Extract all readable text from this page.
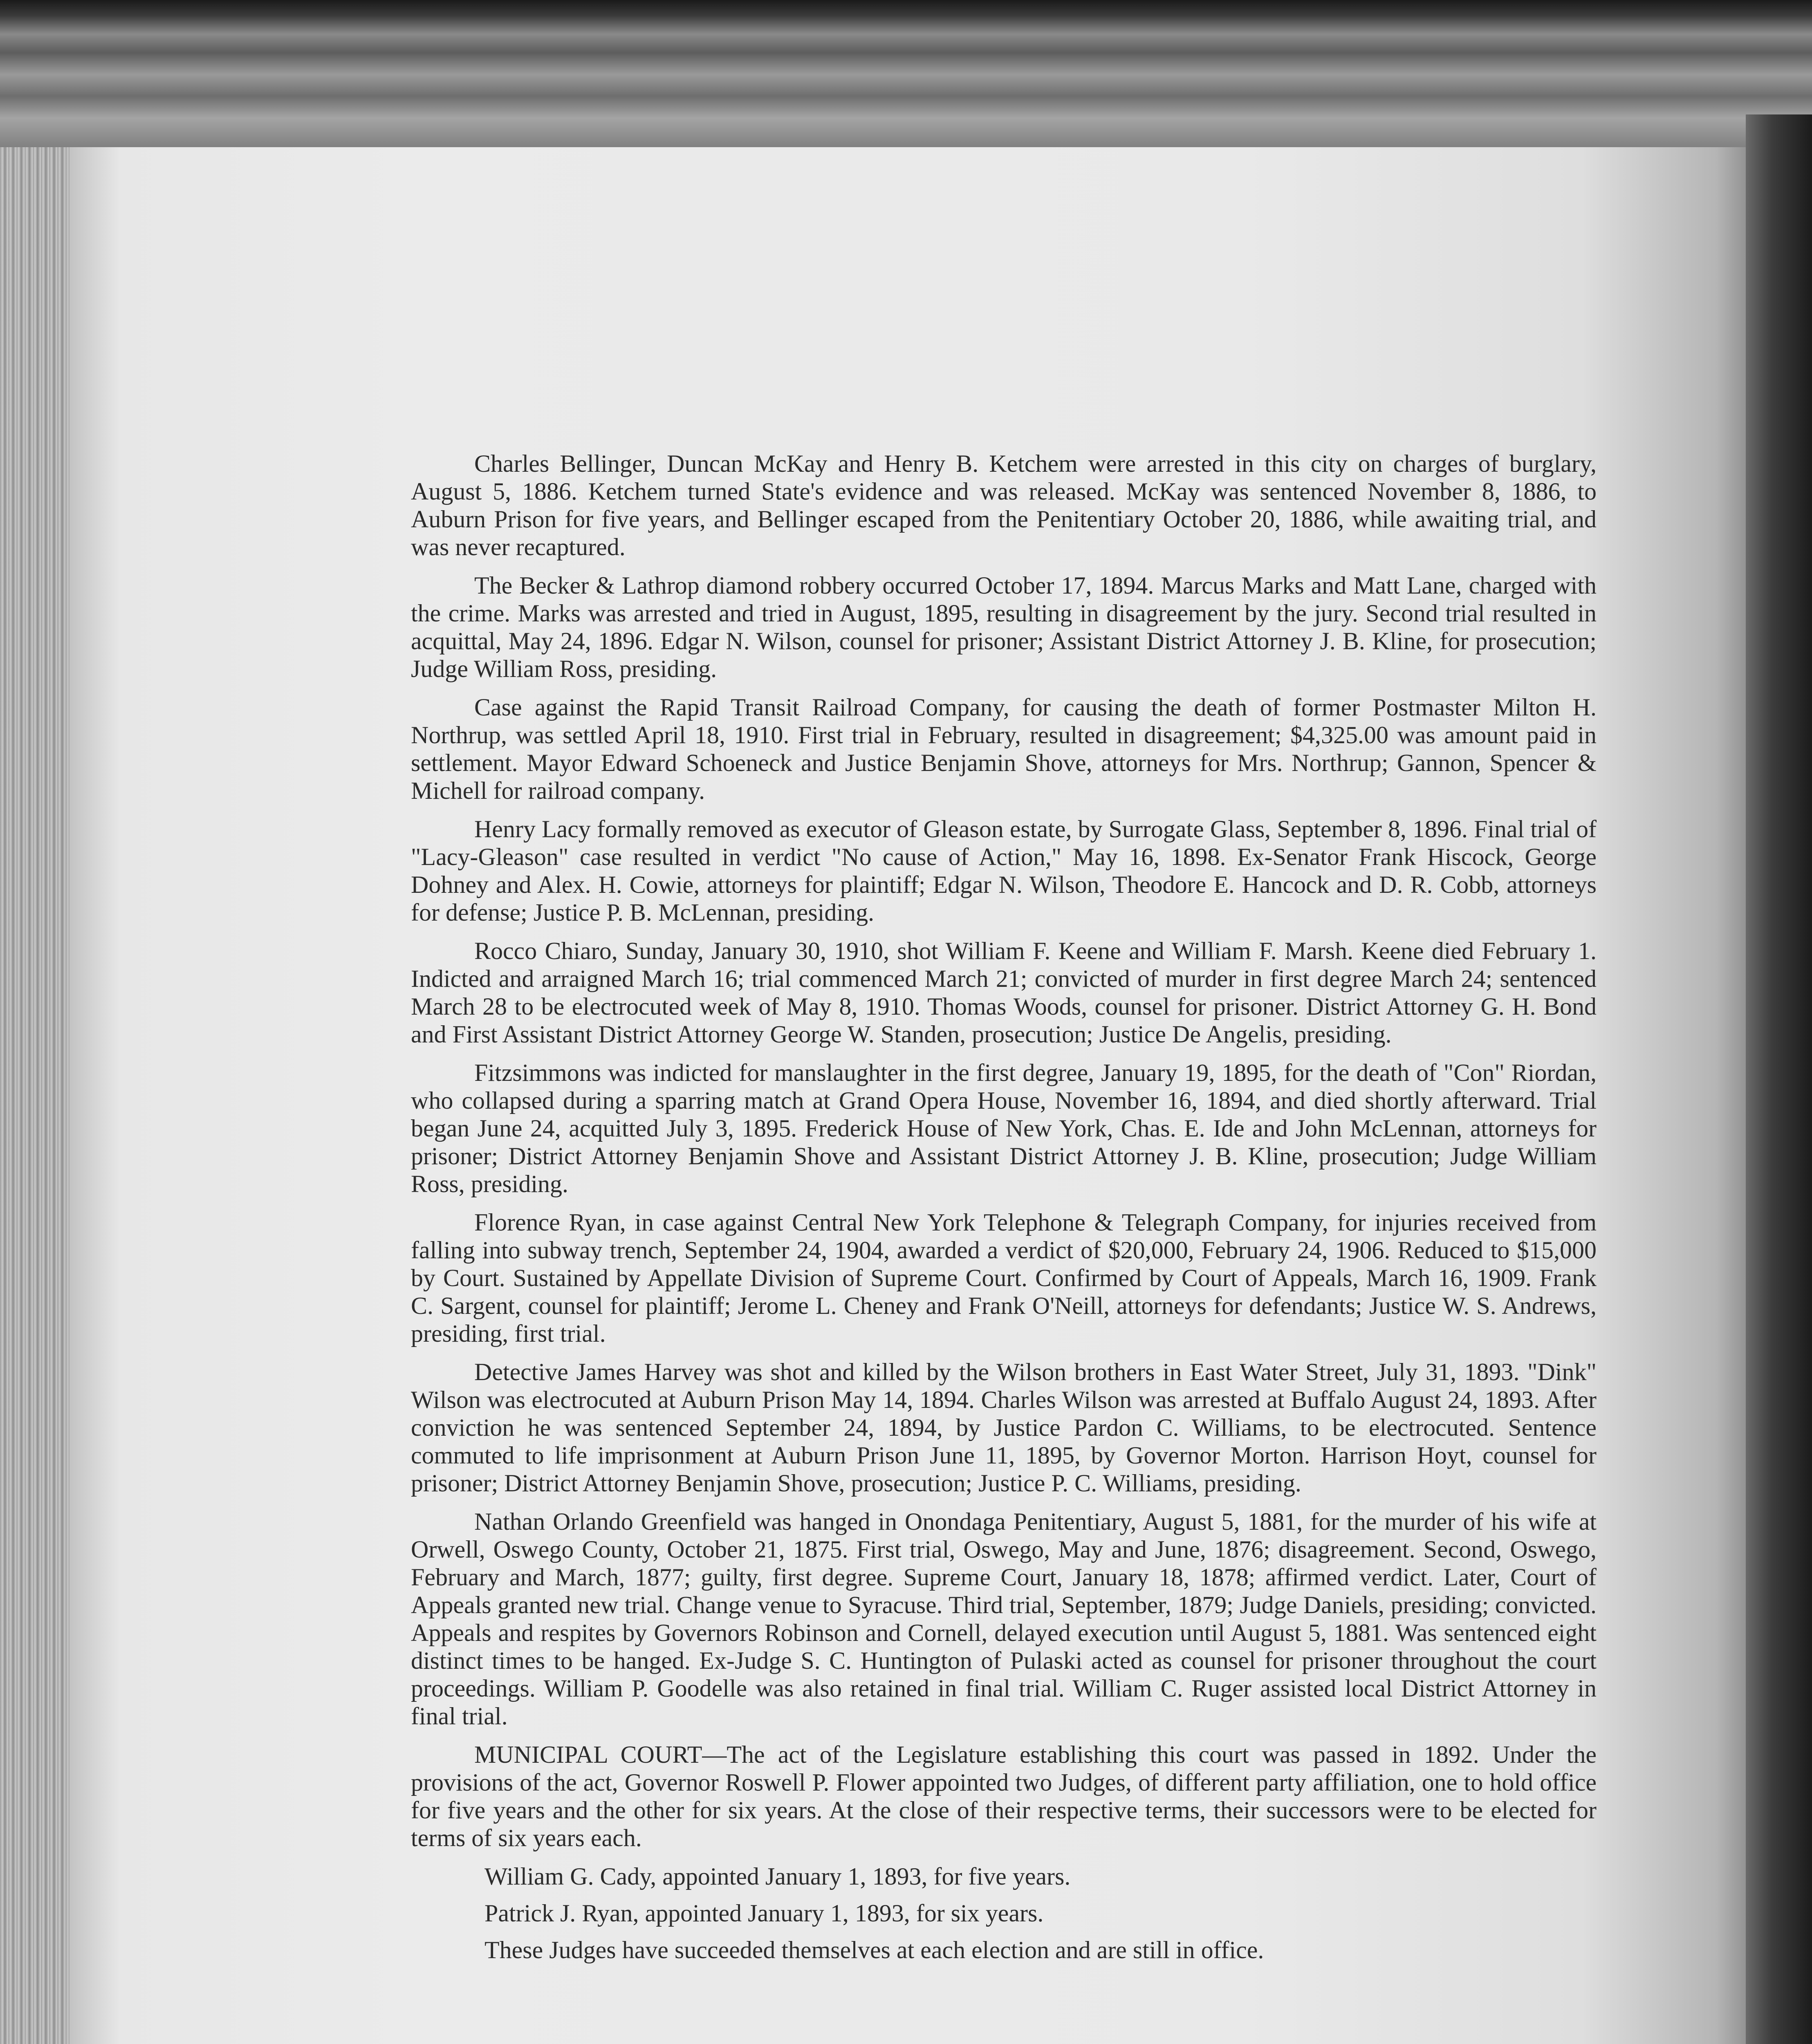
Charles Bellinger, Duncan McKay and Henry B. Ketchem were arrested in this city on charges of burglary, August 5, 1886. Ketchem turned State's evidence and was released. McKay was sentenced November 8, 1886, to Auburn Prison for five years, and Bellinger escaped from the Penitentiary October 20, 1886, while awaiting trial, and was never recaptured.

The Becker & Lathrop diamond robbery occurred October 17, 1894. Marcus Marks and Matt Lane, charged with the crime. Marks was arrested and tried in August, 1895, resulting in disagreement by the jury. Second trial resulted in acquittal, May 24, 1896. Edgar N. Wilson, counsel for prisoner; Assistant District Attorney J. B. Kline, for prosecution; Judge William Ross, presiding.

Case against the Rapid Transit Railroad Company, for causing the death of former Postmaster Milton H. Northrup, was settled April 18, 1910. First trial in February, resulted in disagreement; $4,325.00 was amount paid in settlement. Mayor Edward Schoeneck and Justice Benjamin Shove, attorneys for Mrs. Northrup; Gannon, Spencer & Michell for railroad company.

Henry Lacy formally removed as executor of Gleason estate, by Surrogate Glass, September 8, 1896. Final trial of "Lacy-Gleason" case resulted in verdict "No cause of Action," May 16, 1898. Ex-Senator Frank Hiscock, George Dohney and Alex. H. Cowie, attorneys for plaintiff; Edgar N. Wilson, Theodore E. Hancock and D. R. Cobb, attorneys for defense; Justice P. B. McLennan, presiding.

Rocco Chiaro, Sunday, January 30, 1910, shot William F. Keene and William F. Marsh. Keene died February 1. Indicted and arraigned March 16; trial commenced March 21; convicted of murder in first degree March 24; sentenced March 28 to be electrocuted week of May 8, 1910. Thomas Woods, counsel for prisoner. District Attorney G. H. Bond and First Assistant District Attorney George W. Standen, prosecution; Justice De Angelis, presiding.

Fitzsimmons was indicted for manslaughter in the first degree, January 19, 1895, for the death of "Con" Riordan, who collapsed during a sparring match at Grand Opera House, November 16, 1894, and died shortly afterward. Trial began June 24, acquitted July 3, 1895. Frederick House of New York, Chas. E. Ide and John McLennan, attorneys for prisoner; District Attorney Benjamin Shove and Assistant District Attorney J. B. Kline, prosecution; Judge William Ross, presiding.

Florence Ryan, in case against Central New York Telephone & Telegraph Company, for injuries received from falling into subway trench, September 24, 1904, awarded a verdict of $20,000, February 24, 1906. Reduced to $15,000 by Court. Sustained by Appellate Division of Supreme Court. Confirmed by Court of Appeals, March 16, 1909. Frank C. Sargent, counsel for plaintiff; Jerome L. Cheney and Frank O'Neill, attorneys for defendants; Justice W. S. Andrews, presiding, first trial.

Detective James Harvey was shot and killed by the Wilson brothers in East Water Street, July 31, 1893. "Dink" Wilson was electrocuted at Auburn Prison May 14, 1894. Charles Wilson was arrested at Buffalo August 24, 1893. After conviction he was sentenced September 24, 1894, by Justice Pardon C. Williams, to be electrocuted. Sentence commuted to life imprisonment at Auburn Prison June 11, 1895, by Governor Morton. Harrison Hoyt, counsel for prisoner; District Attorney Benjamin Shove, prosecution; Justice P. C. Williams, presiding.

Nathan Orlando Greenfield was hanged in Onondaga Penitentiary, August 5, 1881, for the murder of his wife at Orwell, Oswego County, October 21, 1875. First trial, Oswego, May and June, 1876; disagreement. Second, Oswego, February and March, 1877; guilty, first degree. Supreme Court, January 18, 1878; affirmed verdict. Later, Court of Appeals granted new trial. Change venue to Syracuse. Third trial, September, 1879; Judge Daniels, presiding; convicted. Appeals and respites by Governors Robinson and Cornell, delayed execution until August 5, 1881. Was sentenced eight distinct times to be hanged. Ex-Judge S. C. Huntington of Pulaski acted as counsel for prisoner throughout the court proceedings. William P. Goodelle was also retained in final trial. William C. Ruger assisted local District Attorney in final trial.

MUNICIPAL COURT—The act of the Legislature establishing this court was passed in 1892. Under the provisions of the act, Governor Roswell P. Flower appointed two Judges, of different party affiliation, one to hold office for five years and the other for six years. At the close of their respective terms, their successors were to be elected for terms of six years each.

William G. Cady, appointed January 1, 1893, for five years.

Patrick J. Ryan, appointed January 1, 1893, for six years.

These Judges have succeeded themselves at each election and are still in office.
